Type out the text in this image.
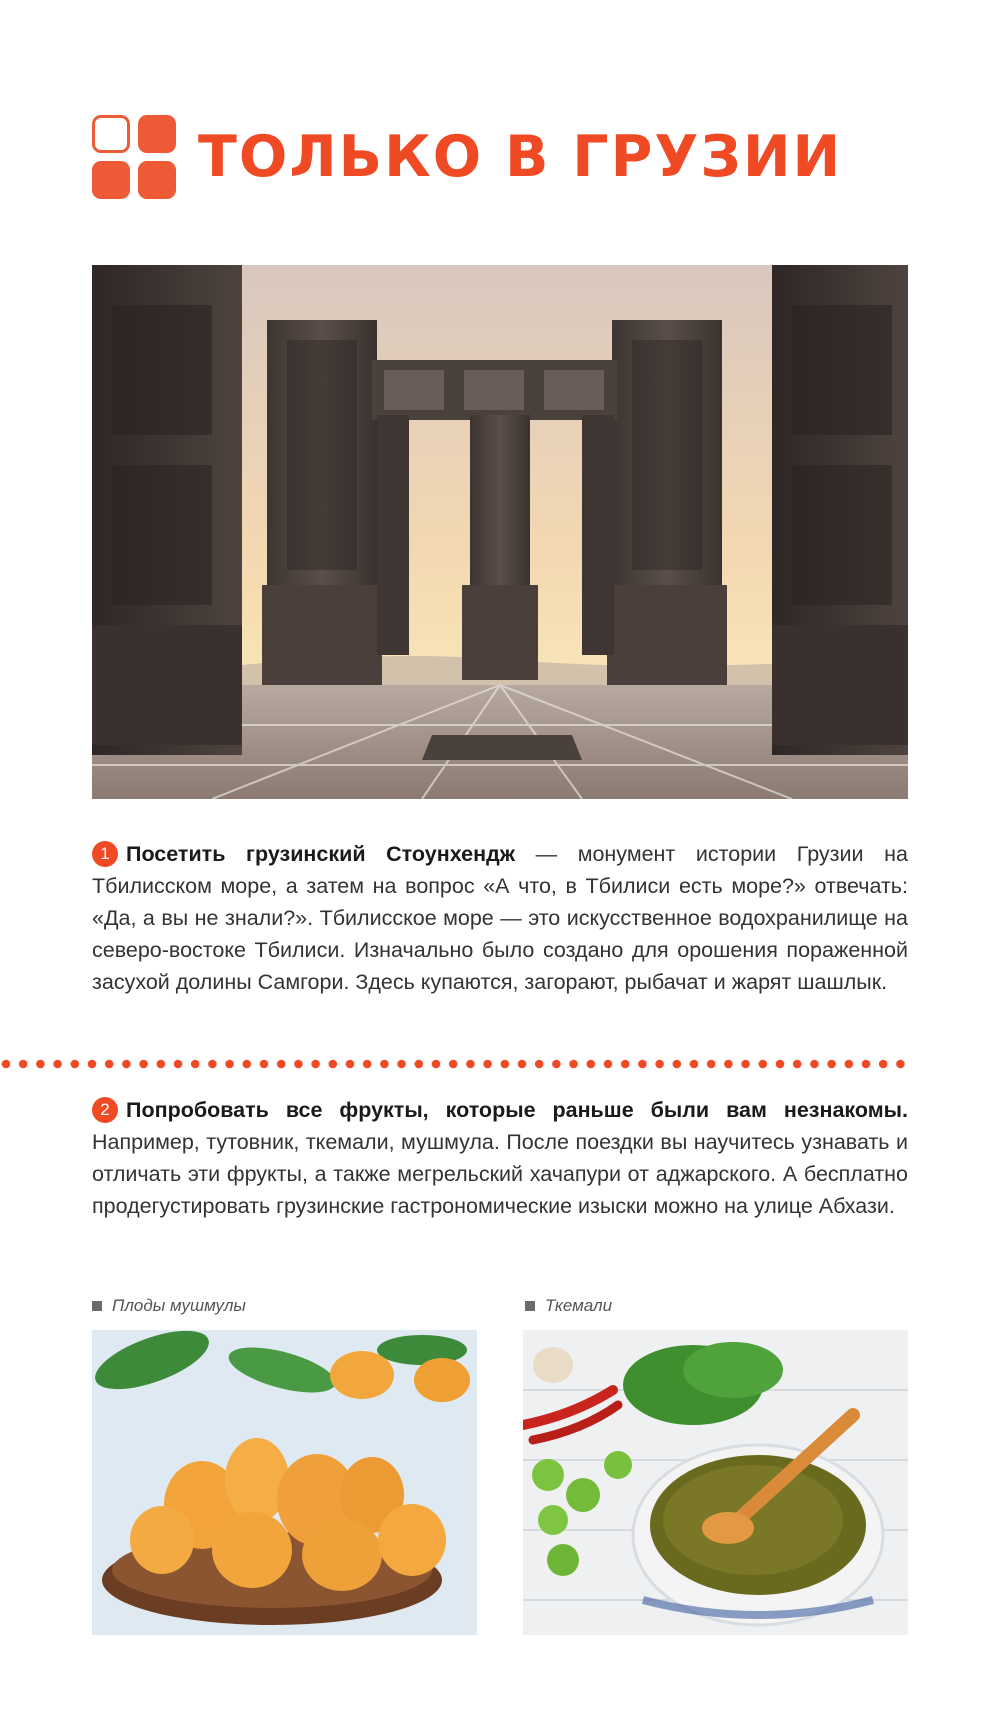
ТОЛЬКО В ГРУЗИИ
1 Посетить грузинский Стоунхендж — монумент истории Грузии на Тбилисском море, а затем на вопрос «А что, в Тбилиси есть море?» отвечать: «Да, а вы не знали?». Тбилисское море — это искусственное водохранилище на северо-востоке Тбилиси. Изначально было создано для орошения пораженной засухой долины Самгори. Здесь купаются, загорают, рыбачат и жарят шашлык.
2 Попробовать все фрукты, которые раньше были вам незнакомы. Например, тутовник, ткемали, мушмула. После поездки вы научитесь узнавать и отличать эти фрукты, а также мегрельский хачапури от аджарского. А бесплатно продегустировать грузинские гастрономические изыски можно на улице Абхази.
Плоды мушмулы	Ткемали
